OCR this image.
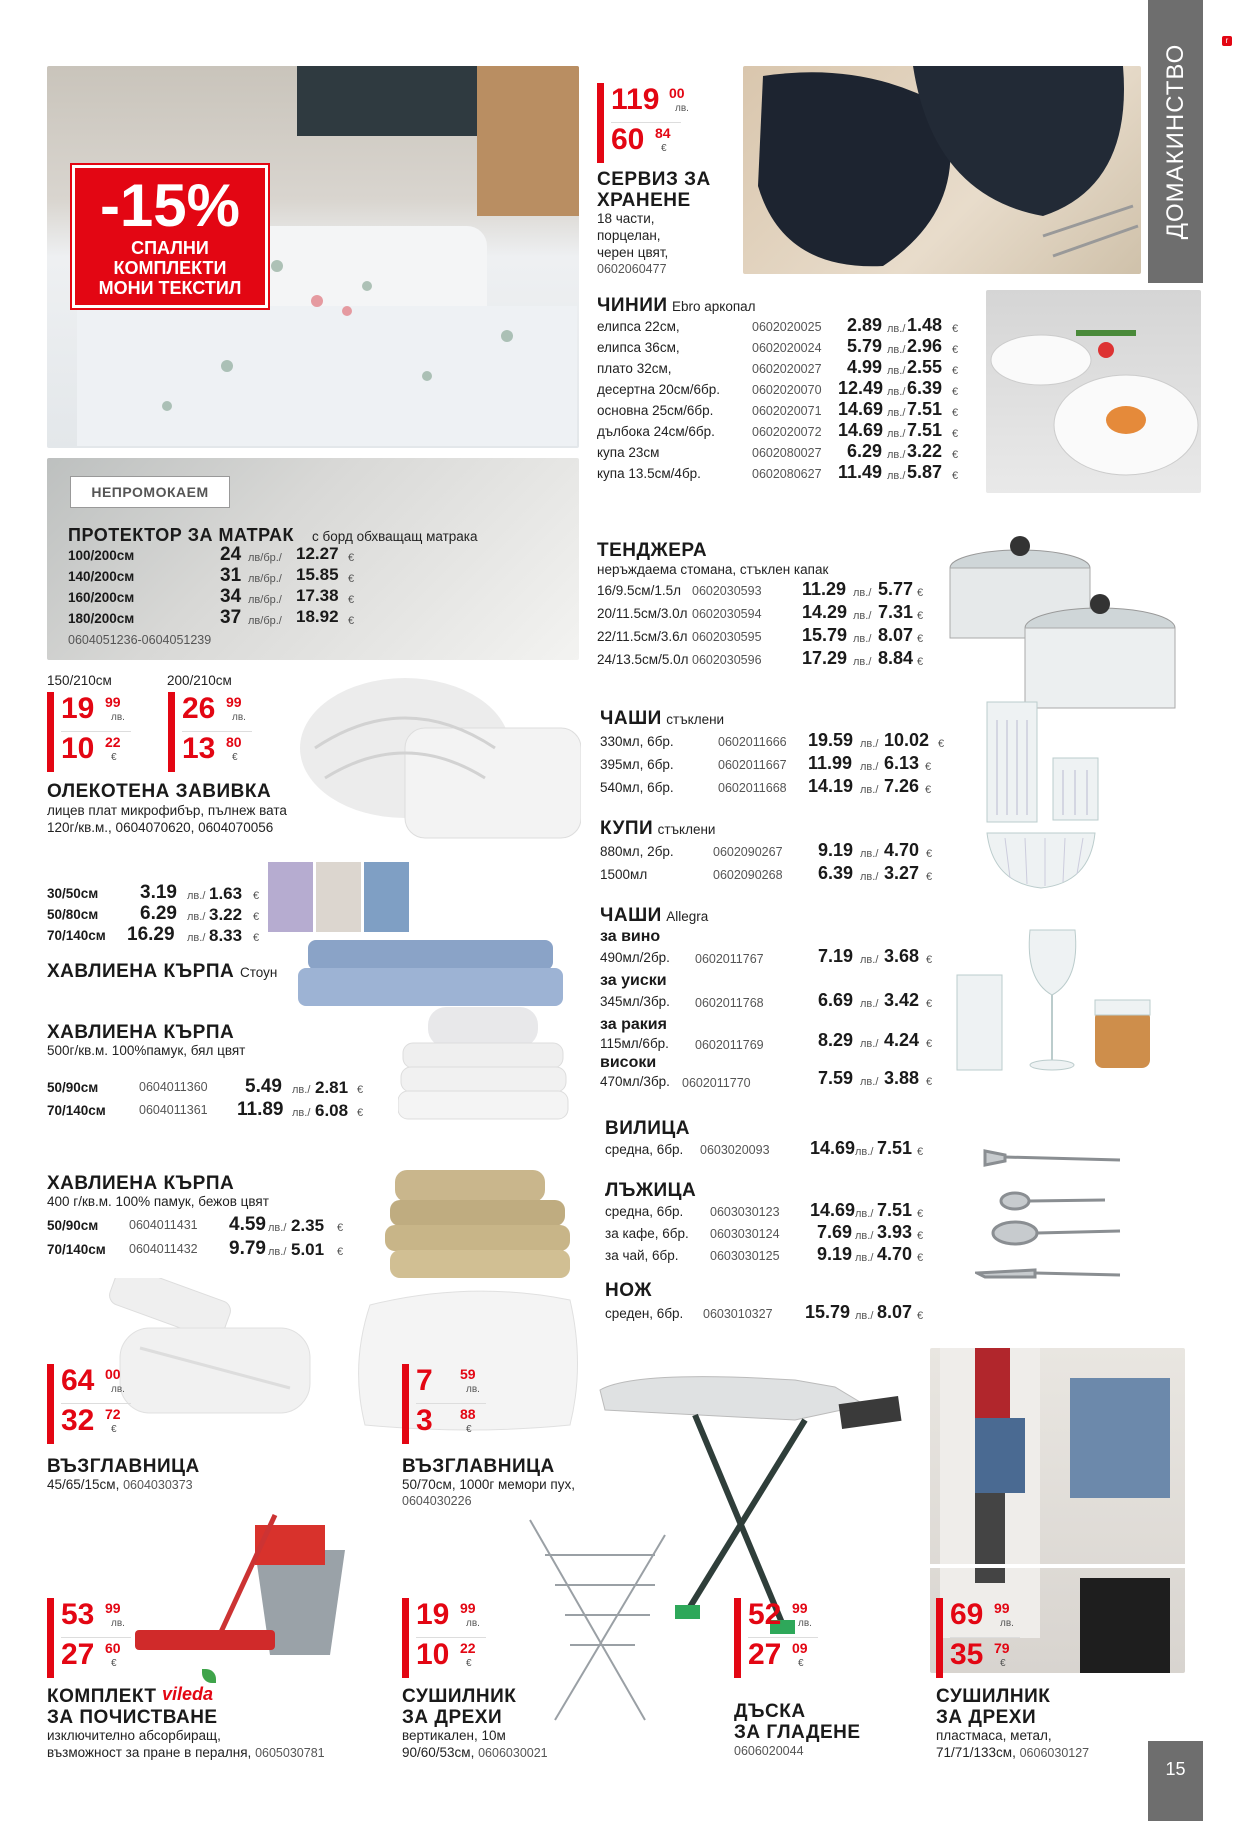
ДОМАКИНСТВО
r
15
-15%
СПАЛНИ
КОМПЛЕКТИ
МОНИ ТЕКСТИЛ
НЕПРОМОКАЕМ
ПРОТЕКТОР ЗА МАТРАК с борд обхващащ матрака
100/200см	24 лв/бр./ 12.27 €
140/200см	31 лв/бр./ 15.85 €
160/200см	34 лв/бр./ 17.38 €
180/200см	37 лв/бр./ 18.92 €
0604051236-0604051239
150/210см	200/210см
19 99
лв.
10 22
€
26 99
лв.
13 80
€
ОЛЕКОТЕНА ЗАВИВКА
лицев плат микрофибър, пълнеж вата
120г/кв.м., 0604070620, 0604070056
30/50см 3.19 лв./ 1.63 €
50/80см 6.29 лв./ 3.22 €
70/140см 16.29 лв./ 8.33 €
ХАВЛИЕНА КЪРПА Стоун
ХАВЛИЕНА КЪРПА
500г/кв.м. 100%памук, бял цвят
50/90см	0604011360 5.49 лв./ 2.81 €
70/140см	0604011361 11.89 лв./ 6.08 €
ХАВЛИЕНА КЪРПА
400 г/кв.м. 100% памук, бежов цвят
50/90см 0604011431 4.59 лв./ 2.35 €
70/140см 0604011432 9.79 лв./ 5.01 €
64 00
лв.
32 72
€
ВЪЗГЛАВНИЦА
45/65/15см, 0604030373
7 59
лв.
3 88
€
ВЪЗГЛАВНИЦА
50/70см, 1000г мемори пух,
0604030226
53 99
лв.
27 60
€
КОМПЛЕКТ vileda
ЗА ПОЧИСТВАНЕ
изключително абсорбиращ,
възможност за пране в пералня, 0605030781
19 99
лв.
10 22
€
СУШИЛНИК
ЗА ДРЕХИ
вертикален, 10м
90/60/53см, 0606030021
52 99
лв.
27 09
€
ДЪСКА
ЗА ГЛАДЕНЕ
0606020044
69 99
лв.
35 79
€
СУШИЛНИК
ЗА ДРЕХИ
пластмаса, метал,
71/71/133см, 0606030127
119 00
лв.
60 84
€
СЕРВИЗ ЗА
ХРАНЕНЕ
18 части,
порцелан,
черен цвят,
0602060477
ЧИНИИ Ebro аркопал
елипса 22см,	0602020025 2.89 лв./ 1.48 €
елипса 36см,	0602020024 5.79 лв./ 2.96 €
плато 32см,	0602020027 4.99 лв./ 2.55 €
десертна 20см/6бр.	0602020070 12.49 лв./ 6.39 €
основна 25см/6бр.	0602020071 14.69 лв./ 7.51 €
дълбока 24см/6бр.	0602020072 14.69 лв./ 7.51 €
купа 23см	0602080027 6.29 лв./ 3.22 €
купа 13.5см/4бр.	0602080627 11.49 лв./ 5.87 €
ТЕНДЖЕРА
неръждаема стомана, стъклен капак
16/9.5см/1.5л 0602030593 11.29 лв./ 5.77 €
20/11.5см/3.0л 0602030594 14.29 лв./ 7.31 €
22/11.5см/3.6л 0602030595 15.79 лв./ 8.07 €
24/13.5см/5.0л 0602030596 17.29 лв./ 8.84 €
ЧАШИ стъклени
330мл, 6бр.	0602011666 19.59 лв./ 10.02 €
395мл, 6бр.	0602011667 11.99 лв./ 6.13 €
540мл, 6бр.	0602011668 14.19 лв./ 7.26 €
КУПИ стъклени
880мл, 2бр.	0602090267 9.19 лв./ 4.70 €
1500мл	0602090268 6.39 лв./ 3.27 €
ЧАШИ Allegra
за вино
490мл/2бр. 0602011767	7.19 лв./ 3.68 €
за уиски
345мл/3бр. 0602011768	6.69 лв./ 3.42 €
за ракия
115мл/6бр. 0602011769	8.29 лв./ 4.24 €
високи
470мл/3бр. 0602011770	7.59 лв./ 3.88 €
ВИЛИЦА
средна, 6бр. 0603020093 14.69 лв./ 7.51 €
ЛЪЖИЦА
средна, 6бр. 0603030123 14.69 лв./ 7.51 €
за кафе, 6бр. 0603030124 7.69 лв./ 3.93 €
за чай, 6бр.	0603030125 9.19 лв./ 4.70 €
НОЖ
среден, 6бр. 0603010327 15.79 лв./ 8.07 €
